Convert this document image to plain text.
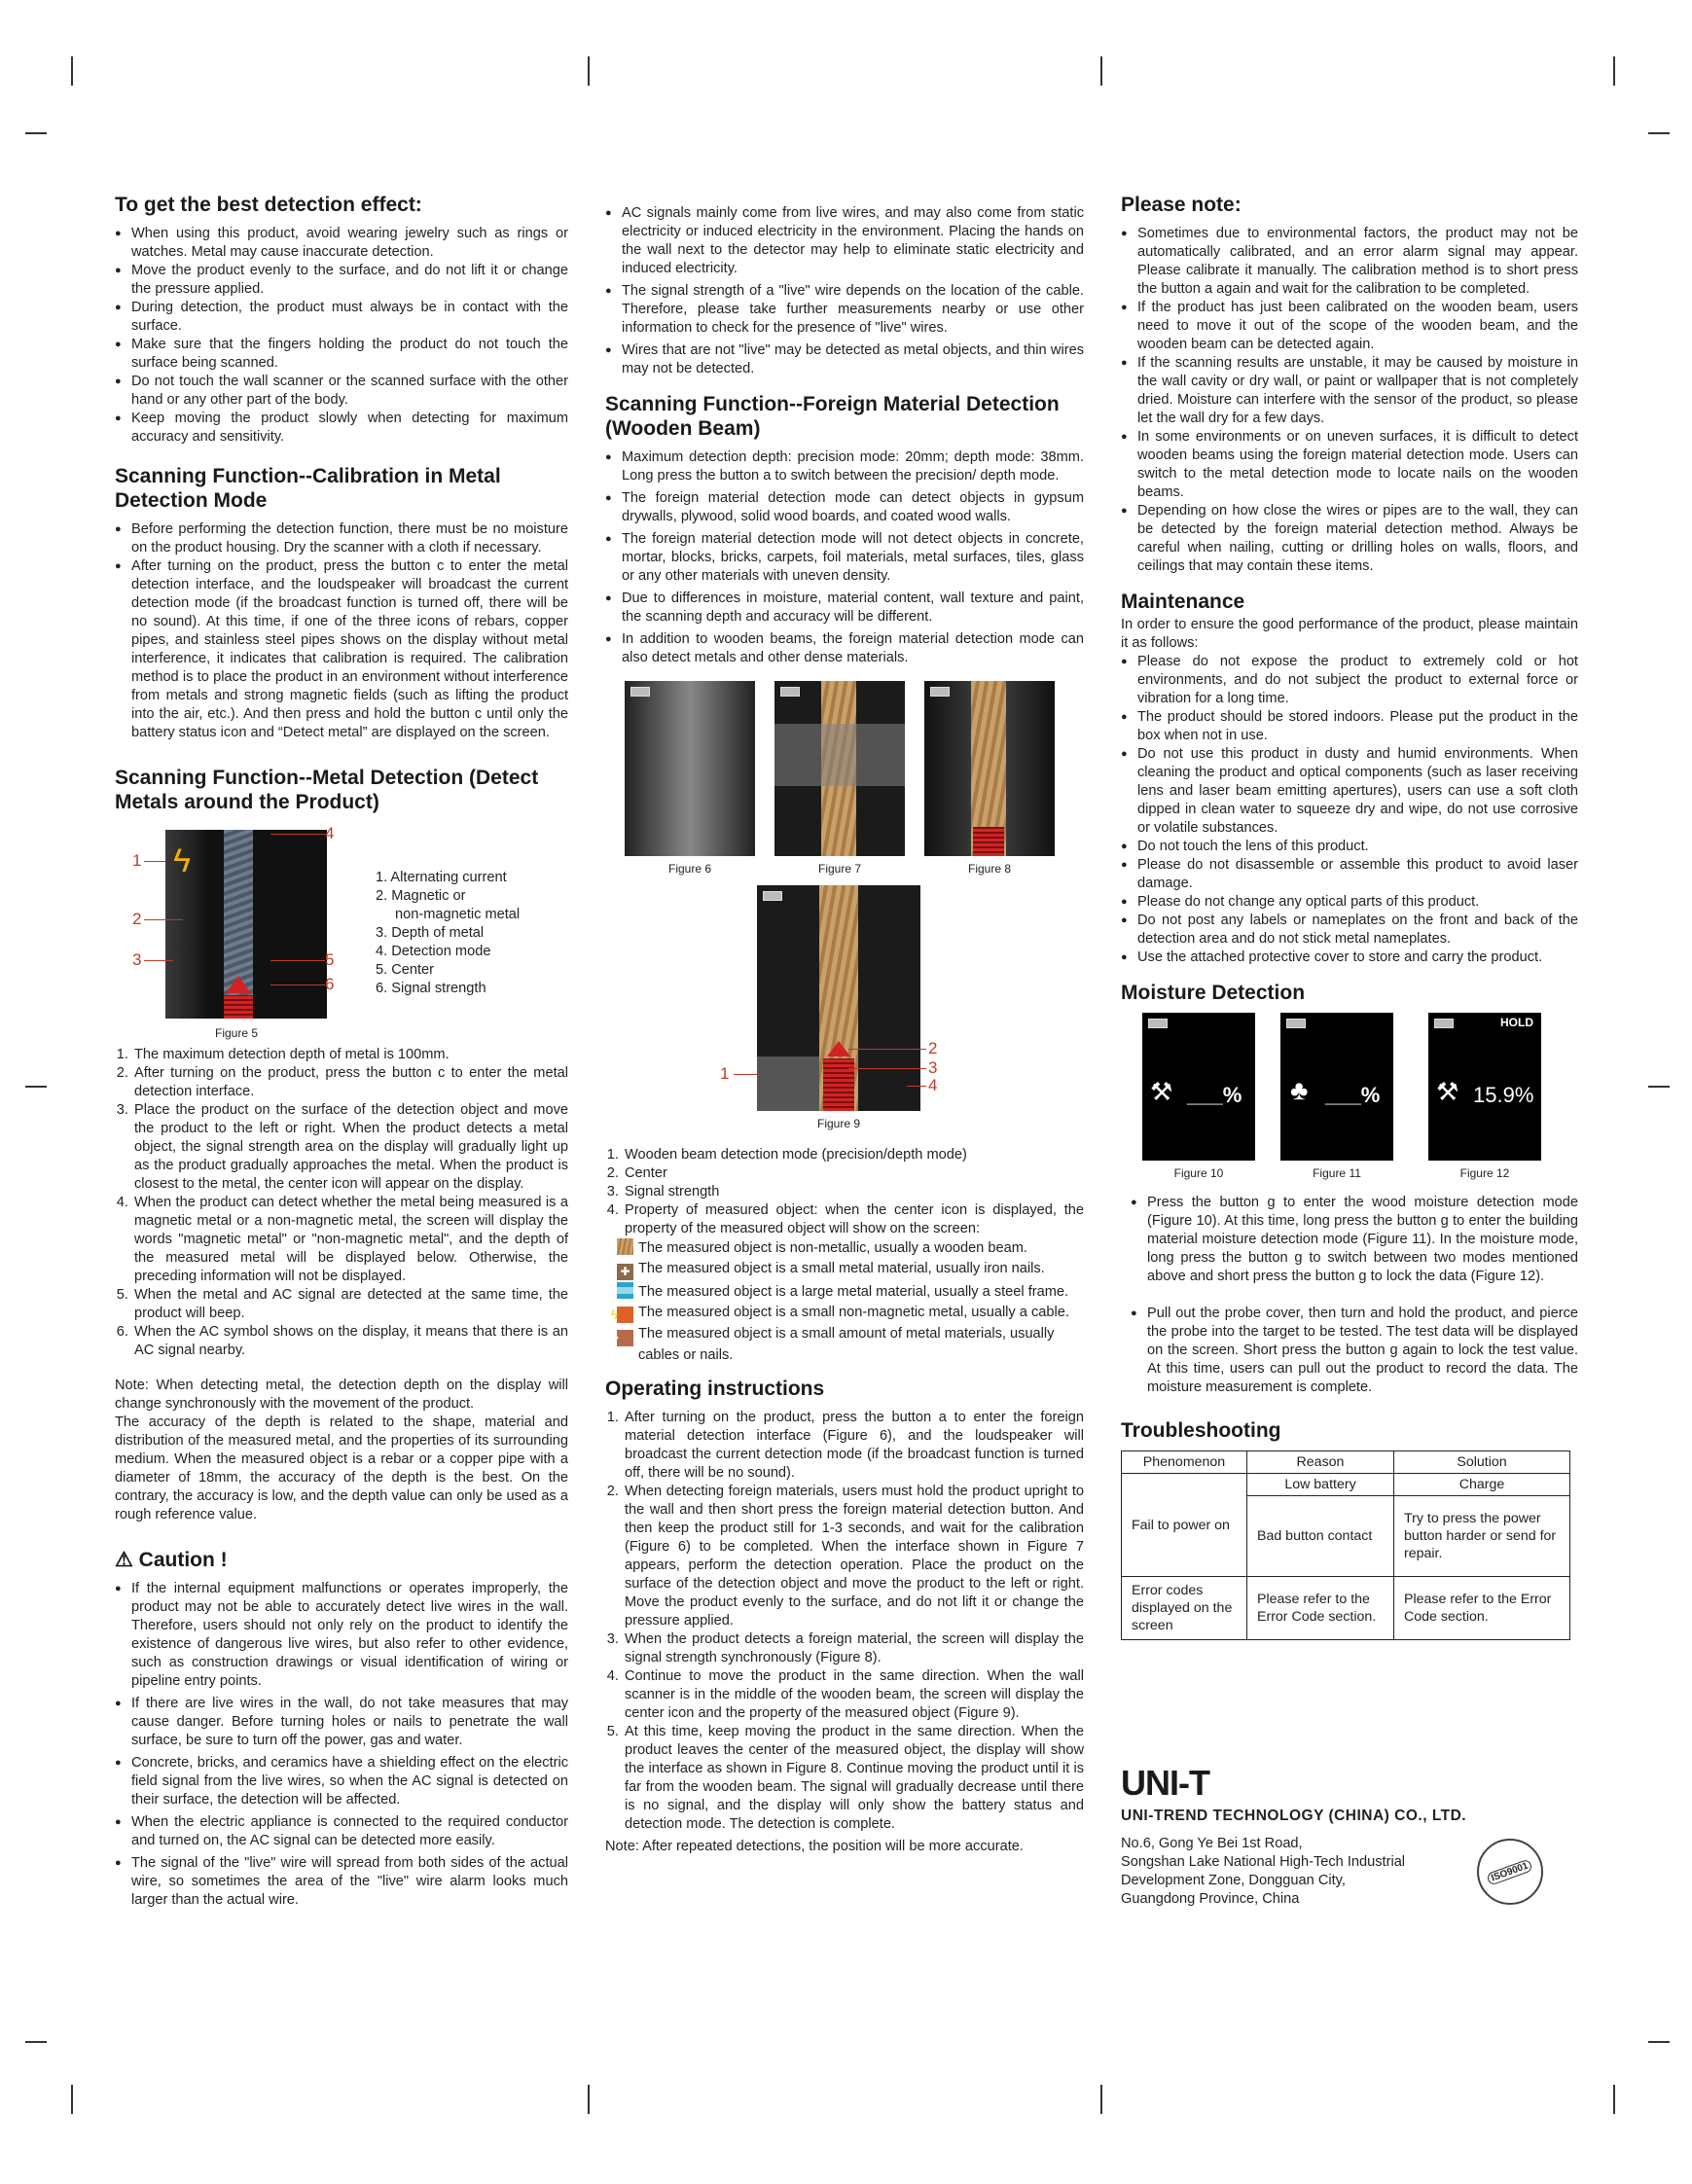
To get the best detection effect:
● When using this product, avoid wearing jewelry such as rings or watches. Metal may cause inaccurate detection.
● Move the product evenly to the surface, and do not lift it or change the pressure applied.
● During detection, the product must always be in contact with the surface.
● Make sure that the fingers holding the product do not touch the surface being scanned.
● Do not touch the wall scanner or the scanned surface with the other hand or any other part of the body.
● Keep moving the product slowly when detecting for maximum accuracy and sensitivity.
Scanning Function--Calibration in Metal Detection Mode
● Before performing the detection function, there must be no moisture on the product housing. Dry the scanner with a cloth if necessary.
● After turning on the product, press the button c to enter the metal detection interface, and the loudspeaker will broadcast the current detection mode (if the broadcast function is turned off, there will be no sound). At this time, if one of the three icons of rebars, copper pipes, and stainless steel pipes shows on the display without metal interference, it indicates that calibration is required. The calibration method is to place the product in an environment without interference from metals and strong magnetic fields (such as lifting the product into the air, etc.). And then press and hold the button c until only the battery status icon and “Detect metal” are displayed on the screen.
Scanning Function--Metal Detection (Detect Metals around the Product)
ϟ
1
2
3
4
5
6
Figure 5
1. Alternating current
2. Magnetic or
non-magnetic metal
3. Depth of metal
4. Detection mode
5. Center
6. Signal strength
1. The maximum detection depth of metal is 100mm.
2. After turning on the product, press the button c to enter the metal detection interface.
3. Place the product on the surface of the detection object and move the product to the left or right. When the product detects a metal object, the signal strength area on the display will gradually light up as the product gradually approaches the metal. When the product is closest to the metal, the center icon will appear on the display.
4. When the product can detect whether the metal being measured is a magnetic metal or a non-magnetic metal, the screen will display the words "magnetic metal" or "non-magnetic metal", and the depth of the measured metal will be displayed below. Otherwise, the preceding information will not be displayed.
5. When the metal and AC signal are detected at the same time, the product will beep.
6. When the AC symbol shows on the display, it means that there is an AC signal nearby.

Note: When detecting metal, the detection depth on the display will change synchronously with the movement of the product.

The accuracy of the depth is related to the shape, material and distribution of the measured metal, and the properties of its surrounding medium. When the measured object is a rebar or a copper pipe with a diameter of 18mm, the accuracy of the depth is the best. On the contrary, the accuracy is low, and the depth value can only be used as a rough reference value.

⚠ Caution !
● If the internal equipment malfunctions or operates improperly, the product may not be able to accurately detect live wires in the wall. Therefore, users should not only rely on the product to identify the existence of dangerous live wires, but also refer to other evidence, such as construction drawings or visual identification of wiring or pipeline entry points.
● If there are live wires in the wall, do not take measures that may cause danger. Before turning holes or nails to penetrate the wall surface, be sure to turn off the power, gas and water.
● Concrete, bricks, and ceramics have a shielding effect on the electric field signal from the live wires, so when the AC signal is detected on their surface, the detection will be affected.
● When the electric appliance is connected to the required conductor and turned on, the AC signal can be detected more easily.
● The signal of the "live" wire will spread from both sides of the actual wire, so sometimes the area of the "live" wire alarm looks much larger than the actual wire.
● AC signals mainly come from live wires, and may also come from static electricity or induced electricity in the environment. Placing the hands on the wall next to the detector may help to eliminate static electricity and induced electricity.
● The signal strength of a "live" wire depends on the location of the cable. Therefore, please take further measurements nearby or use other information to check for the presence of "live" wires.
● Wires that are not "live" may be detected as metal objects, and thin wires may not be detected.
Scanning Function--Foreign Material Detection (Wooden Beam)
● Maximum detection depth: precision mode: 20mm; depth mode: 38mm. Long press the button a to switch between the precision/ depth mode.
● The foreign material detection mode can detect objects in gypsum drywalls, plywood, solid wood boards, and coated wood walls.
● The foreign material detection mode will not detect objects in concrete, mortar, blocks, bricks, carpets, foil materials, metal surfaces, tiles, glass or any other materials with uneven density.
● Due to differences in moisture, material content, wall texture and paint, the scanning depth and accuracy will be different.
● In addition to wooden beams, the foreign material detection mode can also detect metals and other dense materials.
Figure 6	Figure 7	Figure 8
1
2
3
4
Figure 9
1. Wooden beam detection mode (precision/depth mode)
2. Center
3. Signal strength
4. Property of measured object: when the center icon is displayed, the property of the measured object will show on the screen:
The measured object is non-metallic, usually a wooden beam.
✚ The measured object is a small metal material, usually iron nails.
The measured object is a large metal material, usually a steel frame.
ϟ The measured object is a small non-magnetic metal, usually a cable.
◆ The measured object is a small amount of metal materials, usually cables or nails.
Operating instructions
1. After turning on the product, press the button a to enter the foreign material detection interface (Figure 6), and the loudspeaker will broadcast the current detection mode (if the broadcast function is turned off, there will be no sound).
2. When detecting foreign materials, users must hold the product upright to the wall and then short press the foreign material detection button. And then keep the product still for 1-3 seconds, and wait for the calibration (Figure 6) to be completed. When the interface shown in Figure 7 appears, perform the detection operation. Place the product on the surface of the detection object and move the product to the left or right. Move the product evenly to the surface, and do not lift it or change the pressure applied.
3. When the product detects a foreign material, the screen will display the signal strength synchronously (Figure 8).
4. Continue to move the product in the same direction. When the wall scanner is in the middle of the wooden beam, the screen will display the center icon and the property of the measured object (Figure 9).
5. At this time, keep moving the product in the same direction. When the product leaves the center of the measured object, the display will show the interface as shown in Figure 8. Continue moving the product until it is far from the wooden beam. The signal will gradually decrease until there is no signal, and the display will only show the battery status and detection mode. The detection is complete.

Note: After repeated detections, the position will be more accurate.

Please note:
● Sometimes due to environmental factors, the product may not be automatically calibrated, and an error alarm signal may appear. Please calibrate it manually. The calibration method is to short press the button a again and wait for the calibration to be completed.
● If the product has just been calibrated on the wooden beam, users need to move it out of the scope of the wooden beam, and the wooden beam can be detected again.
● If the scanning results are unstable, it may be caused by moisture in the wall cavity or dry wall, or paint or wallpaper that is not completely dried. Moisture can interfere with the sensor of the product, so please let the wall dry for a few days.
● In some environments or on uneven surfaces, it is difficult to detect wooden beams using the foreign material detection mode. Users can switch to the metal detection mode to locate nails on the wooden beams.
● Depending on how close the wires or pipes are to the wall, they can be detected by the foreign material detection method. Always be careful when nailing, cutting or drilling holes on walls, floors, and ceilings that may contain these items.
Maintenance

In order to ensure the good performance of the product, please maintain it as follows:

● Please do not expose the product to extremely cold or hot environments, and do not subject the product to external force or vibration for a long time.
● The product should be stored indoors. Please put the product in the box when not in use.
● Do not use this product in dusty and humid environments. When cleaning the product and optical components (such as laser receiving lens and laser beam emitting apertures), users can use a soft cloth dipped in clean water to squeeze dry and wipe, do not use corrosive or volatile substances.
● Do not touch the lens of this product.
● Please do not disassemble or assemble this product to avoid laser damage.
● Please do not change any optical parts of this product.
● Do not post any labels or nameplates on the front and back of the detection area and do not stick metal nameplates.
● Use the attached protective cover to store and carry the product.
Moisture Detection
⚒ ___% ♣ ___%
HOLD
⚒ 15.9%
Figure 10	Figure 11	Figure 12
● Press the button g to enter the wood moisture detection mode (Figure 10). At this time, long press the button g to enter the building material moisture detection mode (Figure 11). In the moisture mode, long press the button g to switch between two modes mentioned above and short press the button g to lock the data (Figure 12).
● Pull out the probe cover, then turn and hold the product, and pierce the probe into the target to be tested. The test data will be displayed on the screen. Short press the button g again to lock the test value. At this time, users can pull out the product to record the data. The moisture measurement is complete.
Troubleshooting
Phenomenon	Reason	Solution
Fail to power on	Low battery	Charge
	Bad button contact	Try to press the power button harder or send for repair.
Error codes displayed on the screen	Please refer to the Error Code section.	Please refer to the Error Code section.
UNI-T
UNI-TREND TECHNOLOGY (CHINA) CO., LTD.
No.6, Gong Ye Bei 1st Road,
Songshan Lake National High-Tech Industrial
Development Zone, Dongguan City,
Guangdong Province, China
ISO9001
